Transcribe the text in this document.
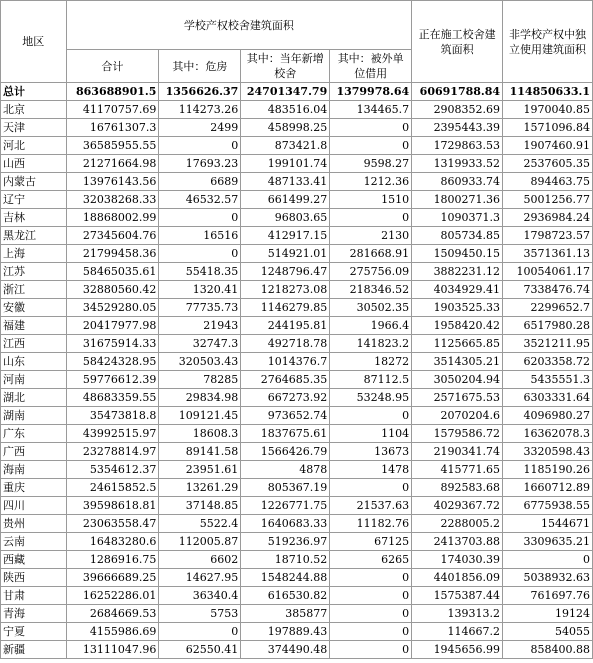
地区	学校产权校舍建筑面积				正在施工校舍建筑面积	非学校产权中独立使用建筑面积
	合计	其中：危房	其中：当年新增校舍	其中：被外单位借用		
总计	863688901.5	1356626.37	24701347.79	1379978.64	60691788.84	114850633.1
北京	41170757.69	114273.26	483516.04	134465.7	2908352.69	1970040.85
天津	16761307.3	2499	458998.25	0	2395443.39	1571096.84
河北	36585955.55	0	873421.8	0	1729863.53	1907460.91
山西	21271664.98	17693.23	199101.74	9598.27	1319933.52	2537605.35
内蒙古	13976143.56	6689	487133.41	1212.36	860933.74	894463.75
辽宁	32038268.33	46532.57	661499.27	1510	1800271.36	5001256.77
吉林	18868002.99	0	96803.65	0	1090371.3	2936984.24
黑龙江	27345604.76	16516	412917.15	2130	805734.85	1798723.57
上海	21799458.36	0	514921.01	281668.91	1509450.15	3571361.13
江苏	58465035.61	55418.35	1248796.47	275756.09	3882231.12	10054061.17
浙江	32880560.42	1320.41	1218273.08	218346.52	4034929.41	7338476.74
安徽	34529280.05	77735.73	1146279.85	30502.35	1903525.33	2299652.7
福建	20417977.98	21943	244195.81	1966.4	1958420.42	6517980.28
江西	31675914.33	32747.3	492718.78	141823.2	1125665.85	3521211.95
山东	58424328.95	320503.43	1014376.7	18272	3514305.21	6203358.72
河南	59776612.39	78285	2764685.35	87112.5	3050204.94	5435551.3
湖北	48683359.55	29834.98	667273.92	53248.95	2571675.53	6303331.64
湖南	35473818.8	109121.45	973652.74	0	2070204.6	4096980.27
广东	43992515.97	18608.3	1837675.61	1104	1579586.72	16362078.3
广西	23278814.97	89141.58	1566426.79	13673	2190341.74	3320598.43
海南	5354612.37	23951.61	4878	1478	415771.65	1185190.26
重庆	24615852.5	13261.29	805367.19	0	892583.68	1660712.89
四川	39598618.81	37148.85	1226771.75	21537.63	4029367.72	6775938.55
贵州	23063558.47	5522.4	1640683.33	11182.76	2288005.2	1544671
云南	16483280.6	112005.87	519236.97	67125	2413703.88	3309635.21
西藏	1286916.75	6602	18710.52	6265	174030.39	0
陕西	39666689.25	14627.95	1548244.88	0	4401856.09	5038932.63
甘肃	16252286.01	36340.4	616530.82	0	1575387.44	761697.76
青海	2684669.53	5753	385877	0	139313.2	19124
宁夏	4155986.69	0	197889.43	0	114667.2	54055
新疆	13111047.96	62550.41	374490.48	0	1945656.99	858400.88
